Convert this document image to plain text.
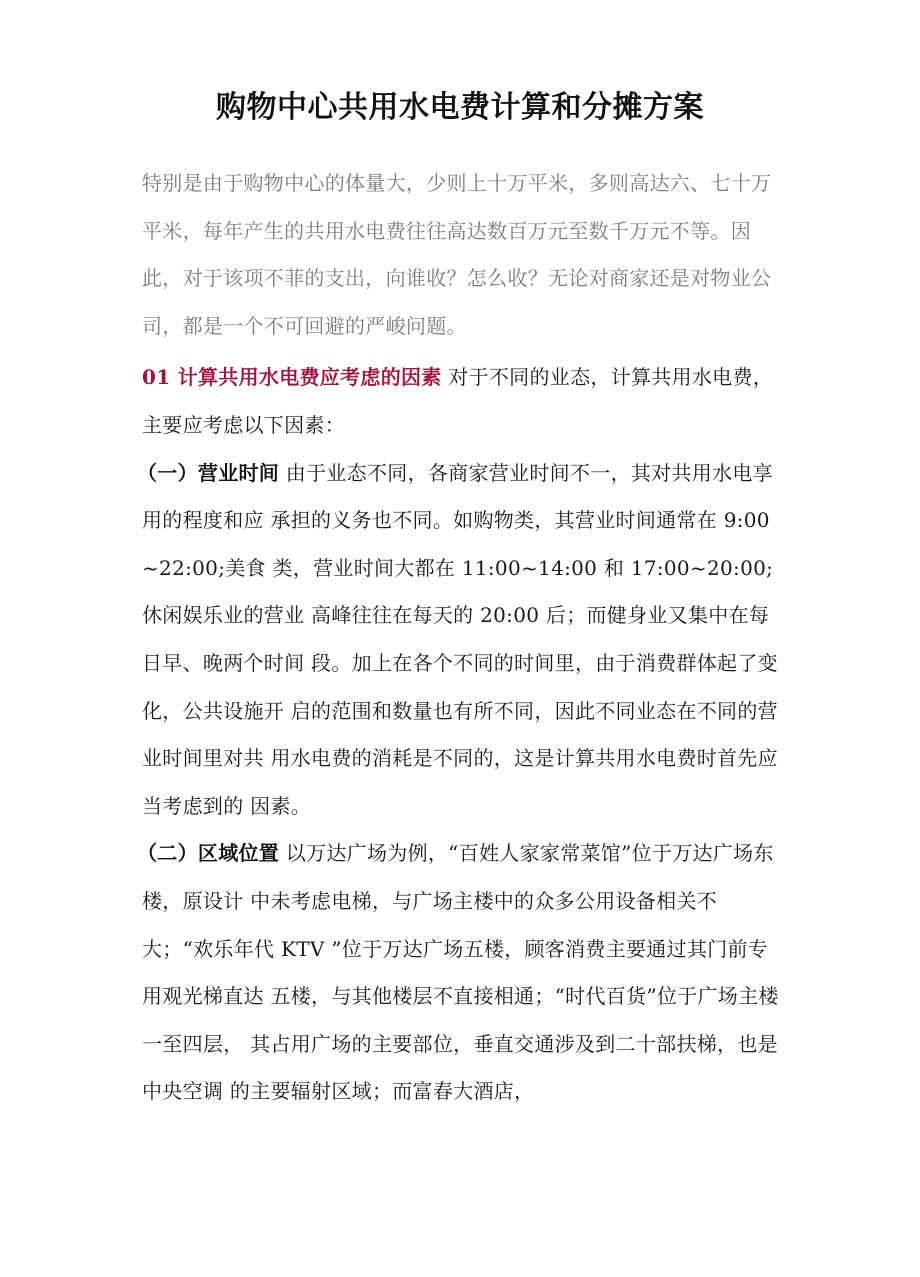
购物中心共用水电费计算和分摊方案

特别是由于购物中心的体量大，少则上十万平米，多则高达六、七十万平米，每年产生的共用水电费往往高达数百万元至数千万元不等。因此，对于该项不菲的支出，向谁收？怎么收？无论对商家还是对物业公司，都是一个不可回避的严峻问题。

01 计算共用水电费应考虑的因素 对于不同的业态，计算共用水电费，主要应考虑以下因素：

（一）营业时间 由于业态不同，各商家营业时间不一，其对共用水电享用的程度和应 承担的义务也不同。如购物类，其营业时间通常在 9:00~22:00;美食 类，营业时间大都在 11:00~14:00 和 17:00~20:00;休闲娱乐业的营业 高峰往往在每天的 20:00 后；而健身业又集中在每日早、晚两个时间 段。加上在各个不同的时间里，由于消费群体起了变化，公共设施开 启的范围和数量也有所不同，因此不同业态在不同的营业时间里对共 用水电费的消耗是不同的，这是计算共用水电费时首先应当考虑到的 因素。

（二）区域位置 以万达广场为例，“百姓人家家常菜馆”位于万达广场东楼，原设计 中未考虑电梯，与广场主楼中的众多公用设备相关不大；“欢乐年代 KTV ”位于万达广场五楼，顾客消费主要通过其门前专用观光梯直达 五楼，与其他楼层不直接相通；“时代百货”位于广场主楼一至四层， 其占用广场的主要部位，垂直交通涉及到二十部扶梯，也是中央空调 的主要辐射区域；而富春大酒店，
